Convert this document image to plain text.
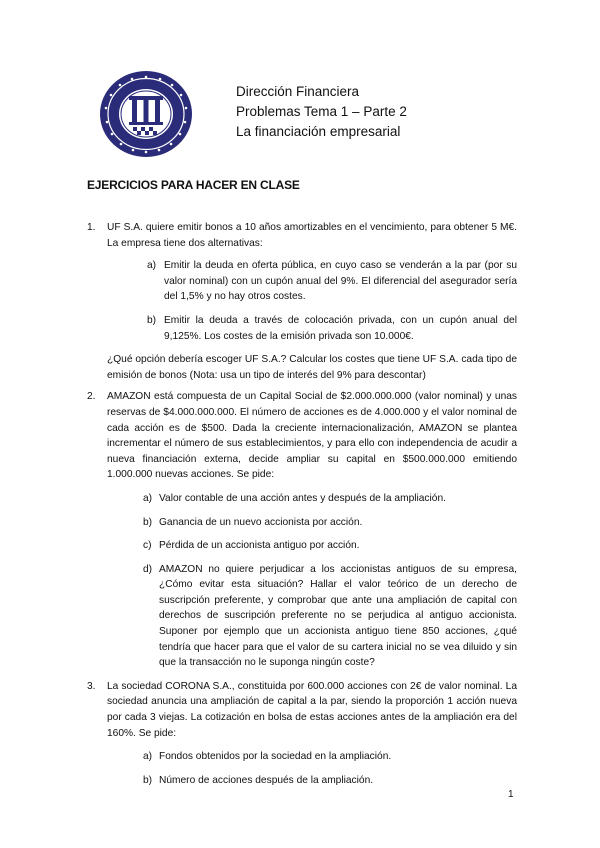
Dirección Financiera
Problemas Tema 1 – Parte 2
La financiación empresarial
EJERCICIOS PARA HACER EN CLASE
1. UF S.A. quiere emitir bonos a 10 años amortizables en el vencimiento, para obtener 5 M€. La empresa tiene dos alternativas:

a) Emitir la deuda en oferta pública, en cuyo caso se venderán a la par (por su valor nominal) con un cupón anual del 9%. El diferencial del asegurador sería del 1,5% y no hay otros costes.
b) Emitir la deuda a través de colocación privada, con un cupón anual del 9,125%. Los costes de la emisión privada son 10.000€.

¿Qué opción debería escoger UF S.A.? Calcular los costes que tiene UF S.A. cada tipo de emisión de bonos (Nota: usa un tipo de interés del 9% para descontar)

2. AMAZON está compuesta de un Capital Social de $2.000.000.000 (valor nominal) y unas reservas de $4.000.000.000. El número de acciones es de 4.000.000 y el valor nominal de cada acción es de $500. Dada la creciente internacionalización, AMAZON se plantea incrementar el número de sus establecimientos, y para ello con independencia de acudir a nueva financiación externa, decide ampliar su capital en $500.000.000 emitiendo 1.000.000 nuevas acciones. Se pide:

a) Valor contable de una acción antes y después de la ampliación.
b) Ganancia de un nuevo accionista por acción.
c) Pérdida de un accionista antiguo por acción.
d) AMAZON no quiere perjudicar a los accionistas antiguos de su empresa, ¿Cómo evitar esta situación? Hallar el valor teórico de un derecho de suscripción preferente, y comprobar que ante una ampliación de capital con derechos de suscripción preferente no se perjudica al antiguo accionista. Suponer por ejemplo que un accionista antiguo tiene 850 acciones, ¿qué tendría que hacer para que el valor de su cartera inicial no se vea diluido y sin que la transacción no le suponga ningún coste?
3. La sociedad CORONA S.A., constituida por 600.000 acciones con 2€ de valor nominal. La sociedad anuncia una ampliación de capital a la par, siendo la proporción 1 acción nueva por cada 3 viejas. La cotización en bolsa de estas acciones antes de la ampliación era del 160%. Se pide:

a) Fondos obtenidos por la sociedad en la ampliación.
b) Número de acciones después de la ampliación.
1
